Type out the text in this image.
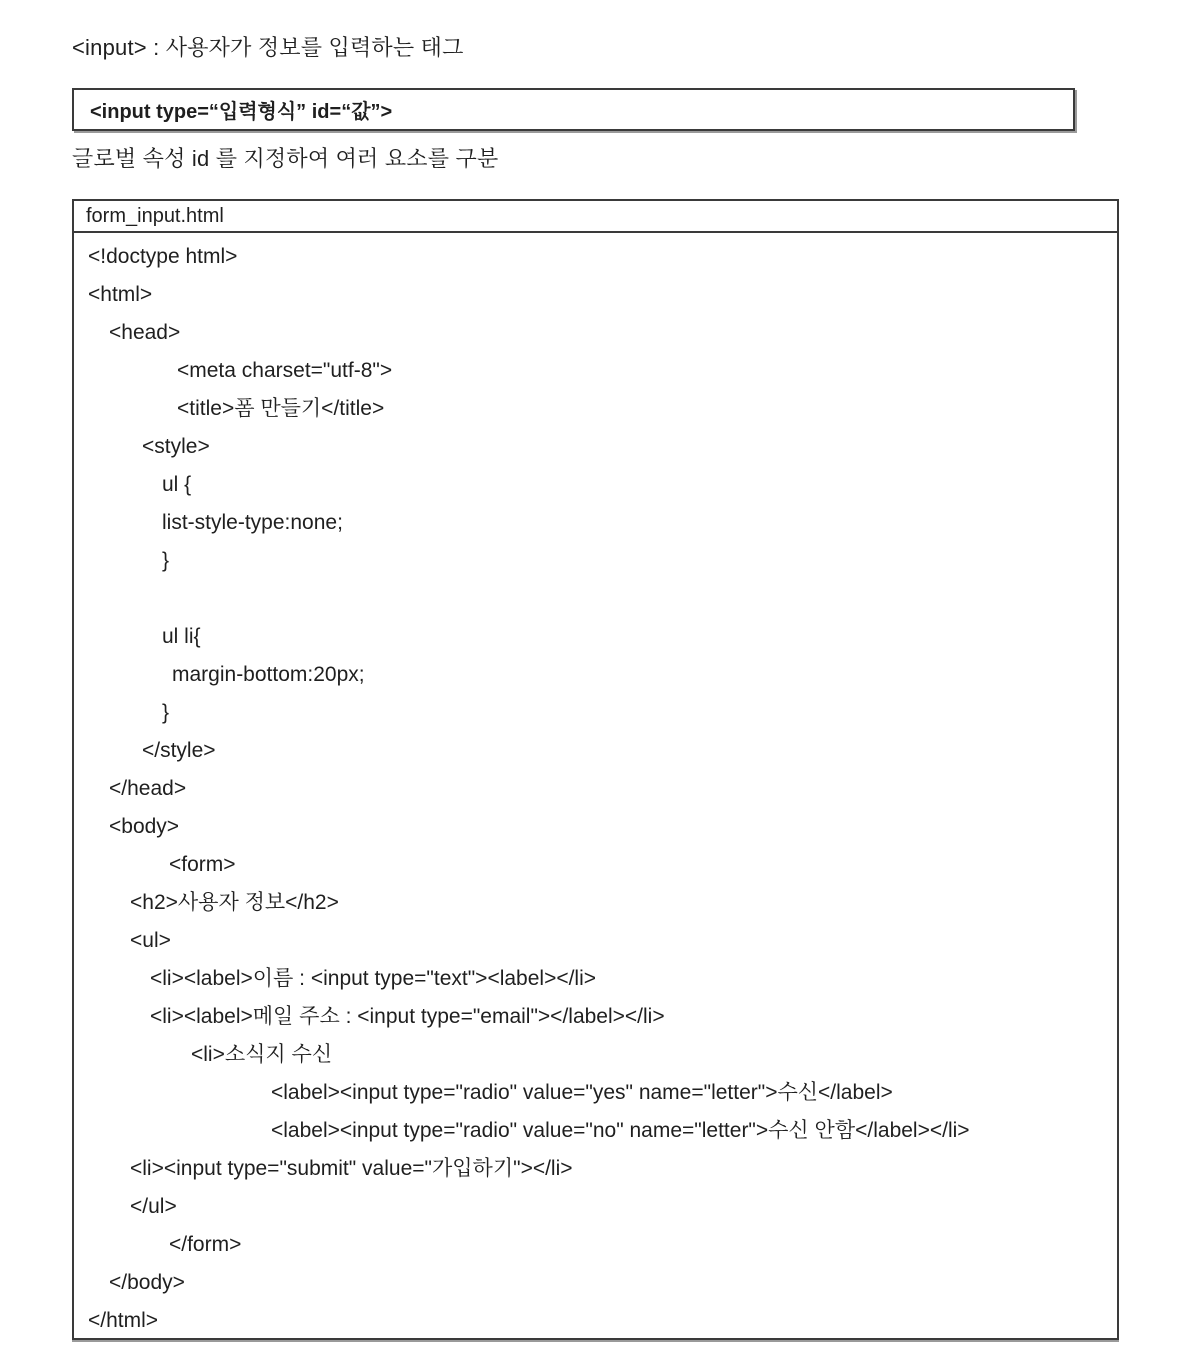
<input> : 사용자가 정보를 입력하는 태그

<input type=“입력형식” id=“값”>

글로벌 속성 id 를 지정하여 여러 요소를 구분

form_input.html
<!doctype html>
<html>
<head>
<meta charset="utf-8">
<title>폼 만들기</title>
<style>
ul {
list-style-type:none;
}

ul li{
margin-bottom:20px;
}
</style>
</head>
<body>
<form>
<h2>사용자 정보</h2>
<ul>
<li><label>이름 : <input type="text"><label></li>
<li><label>메일 주소 : <input type="email"></label></li>
<li>소식지 수신
<label><input type="radio" value="yes" name="letter">수신</label>
<label><input type="radio" value="no" name="letter">수신 안함</label></li>
<li><input type="submit" value="가입하기"></li>
</ul>
</form>
</body>
</html>
